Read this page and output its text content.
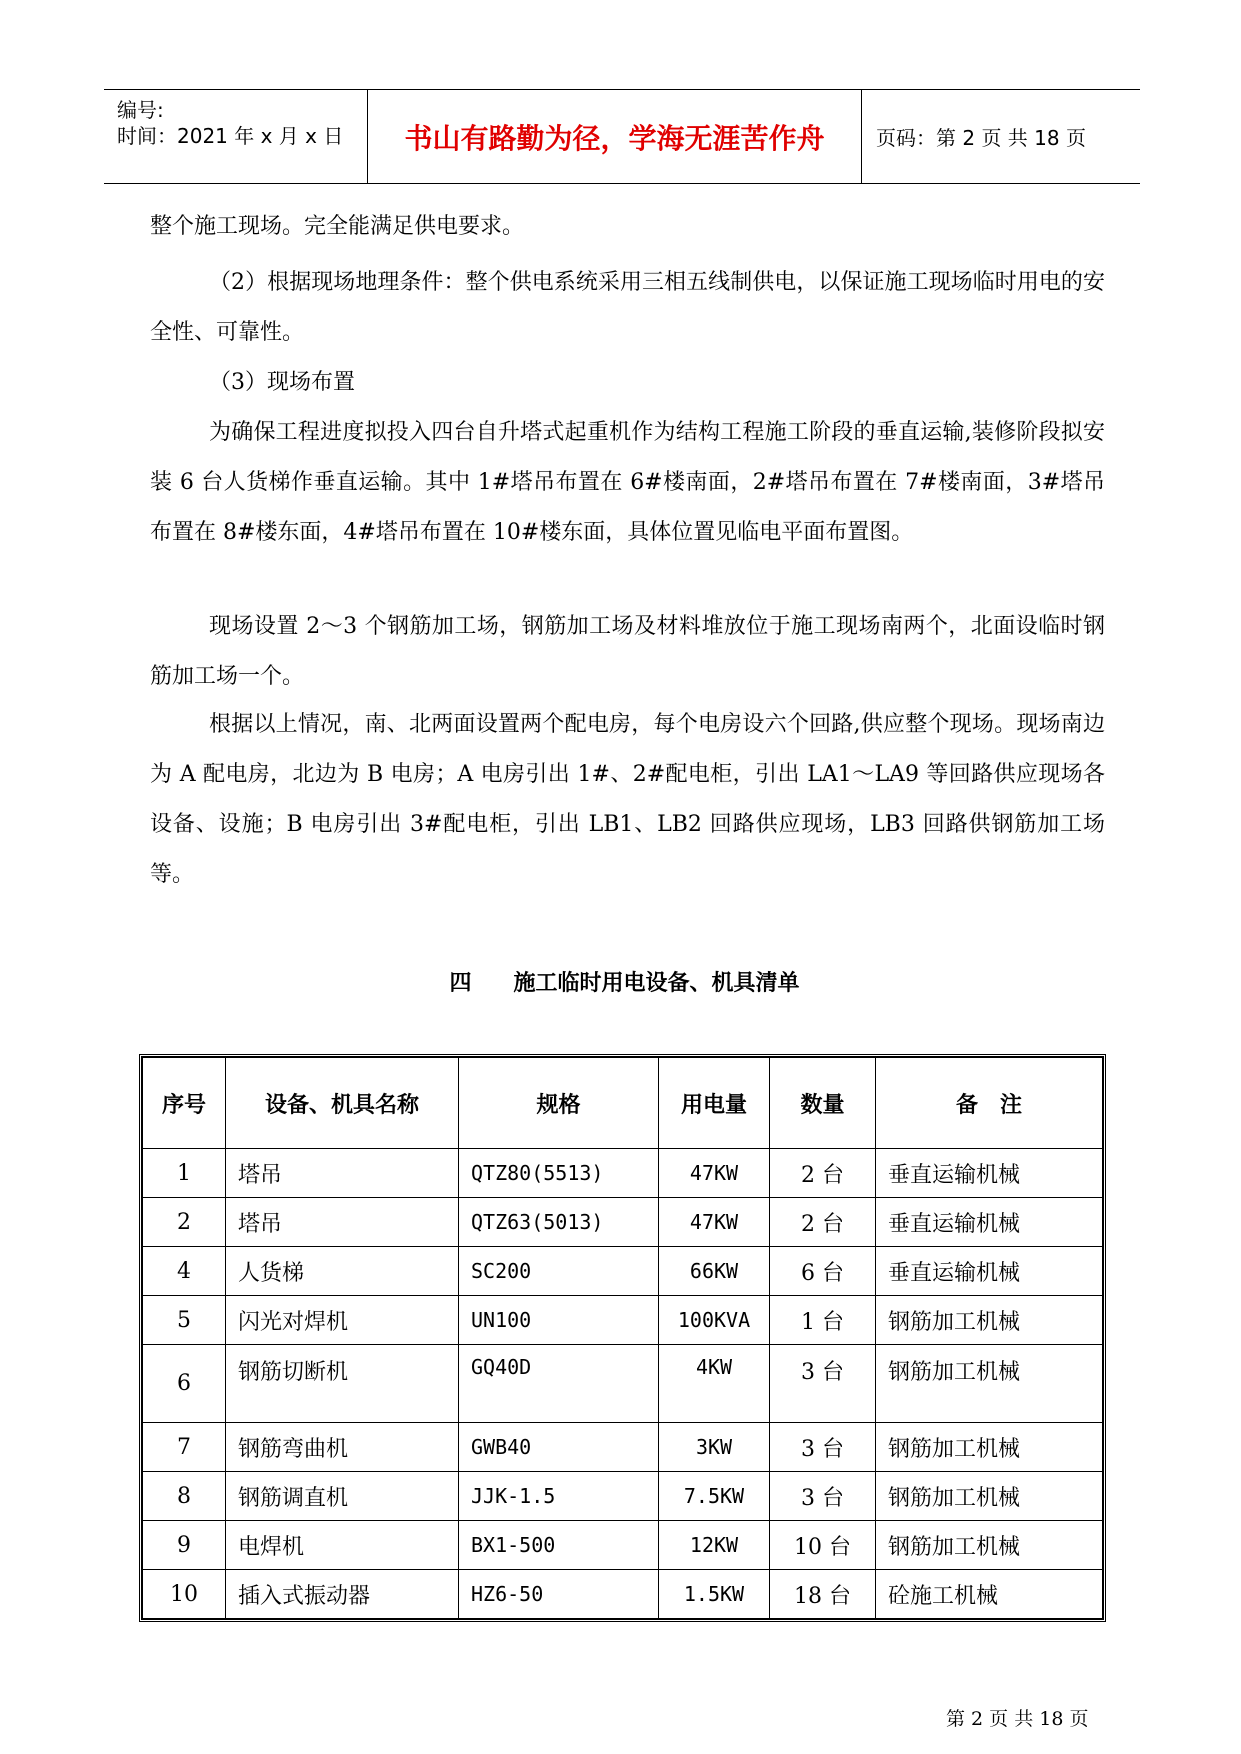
编号:
时间：2021 年 x 月 x 日	书山有路勤为径，学海无涯苦作舟	页码：第 2 页 共 18 页

整个施工现场。完全能满足供电要求。

（2）根据现场地理条件：整个供电系统采用三相五线制供电，以保证施工现场临时用电的安全性、可靠性。

（3）现场布置

为确保工程进度拟投入四台自升塔式起重机作为结构工程施工阶段的垂直运输,装修阶段拟安装 6 台人货梯作垂直运输。其中 1#塔吊布置在 6#楼南面，2#塔吊布置在 7#楼南面，3#塔吊布置在 8#楼东面，4#塔吊布置在 10#楼东面，具体位置见临电平面布置图。

现场设置 2～3 个钢筋加工场，钢筋加工场及材料堆放位于施工现场南两个，北面设临时钢筋加工场一个。

根据以上情况，南、北两面设置两个配电房，每个电房设六个回路,供应整个现场。现场南边为 A 配电房，北边为 B 电房；A 电房引出 1#、2#配电柜，引出 LA1～LA9 等回路供应现场各设备、设施；B 电房引出 3#配电柜，引出 LB1、LB2 回路供应现场，LB3 回路供钢筋加工场等。

四 施工临时用电设备、机具清单
序号	设备、机具名称	规格	用电量	数量	备　注
1	塔吊	QTZ80(5513)	47KW	2 台	垂直运输机械
2	塔吊	QTZ63(5013)	47KW	2 台	垂直运输机械
4	人货梯	SC200	66KW	6 台	垂直运输机械
5	闪光对焊机	UN100	100KVA	1 台	钢筋加工机械
6	钢筋切断机	GQ40D	4KW	3 台	钢筋加工机械
7	钢筋弯曲机	GWB40	3KW	3 台	钢筋加工机械
8	钢筋调直机	JJK-1.5	7.5KW	3 台	钢筋加工机械
9	电焊机	BX1-500	12KW	10 台	钢筋加工机械
10	插入式振动器	HZ6-50	1.5KW	18 台	砼施工机械
第 2 页 共 18 页
